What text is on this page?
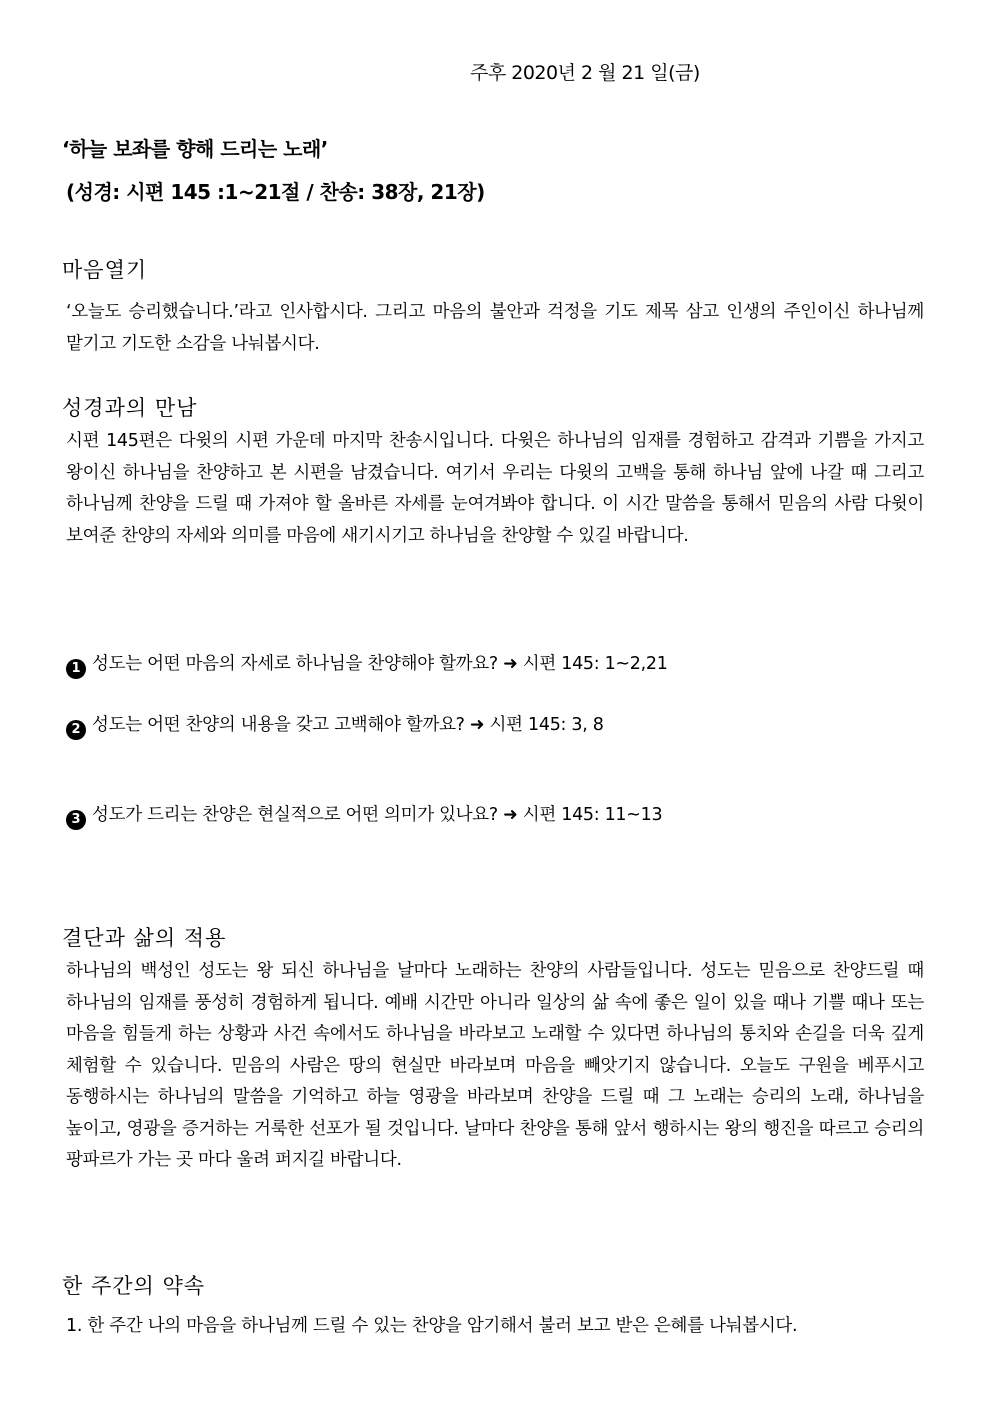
주후 2020년 2 월 21 일(금)
‘하늘 보좌를 향해 드리는 노래’
(성경: 시편 145 :1~21절 / 찬송: 38장, 21장)
마음열기
‘오늘도 승리했습니다.’라고 인사합시다. 그리고 마음의 불안과 걱정을 기도 제목 삼고 인생의 주인이신 하나님께 맡기고 기도한 소감을 나눠봅시다.
성경과의 만남
시편 145편은 다윗의 시편 가운데 마지막 찬송시입니다. 다윗은 하나님의 임재를 경험하고 감격과 기쁨을 가지고 왕이신 하나님을 찬양하고 본 시편을 남겼습니다. 여기서 우리는 다윗의 고백을 통해 하나님 앞에 나갈 때 그리고 하나님께 찬양을 드릴 때 가져야 할 올바른 자세를 눈여겨봐야 합니다. 이 시간 말씀을 통해서 믿음의 사람 다윗이 보여준 찬양의 자세와 의미를 마음에 새기시기고 하나님을 찬양할 수 있길 바랍니다.
1 성도는 어떤 마음의 자세로 하나님을 찬양해야 할까요? ➜ 시편 145: 1~2,21
2 성도는 어떤 찬양의 내용을 갖고 고백해야 할까요? ➜ 시편 145: 3, 8
3 성도가 드리는 찬양은 현실적으로 어떤 의미가 있나요? ➜ 시편 145: 11~13
결단과 삶의 적용
하나님의 백성인 성도는 왕 되신 하나님을 날마다 노래하는 찬양의 사람들입니다. 성도는 믿음으로 찬양드릴 때 하나님의 임재를 풍성히 경험하게 됩니다. 예배 시간만 아니라 일상의 삶 속에 좋은 일이 있을 때나 기쁠 때나 또는 마음을 힘들게 하는 상황과 사건 속에서도 하나님을 바라보고 노래할 수 있다면 하나님의 통치와 손길을 더욱 깊게 체험할 수 있습니다. 믿음의 사람은 땅의 현실만 바라보며 마음을 빼앗기지 않습니다. 오늘도 구원을 베푸시고 동행하시는 하나님의 말씀을 기억하고 하늘 영광을 바라보며 찬양을 드릴 때 그 노래는 승리의 노래, 하나님을 높이고, 영광을 증거하는 거룩한 선포가 될 것입니다. 날마다 찬양을 통해 앞서 행하시는 왕의 행진을 따르고 승리의 팡파르가 가는 곳 마다 울려 퍼지길 바랍니다.
한 주간의 약속
1. 한 주간 나의 마음을 하나님께 드릴 수 있는 찬양을 암기해서 불러 보고 받은 은혜를 나눠봅시다.
